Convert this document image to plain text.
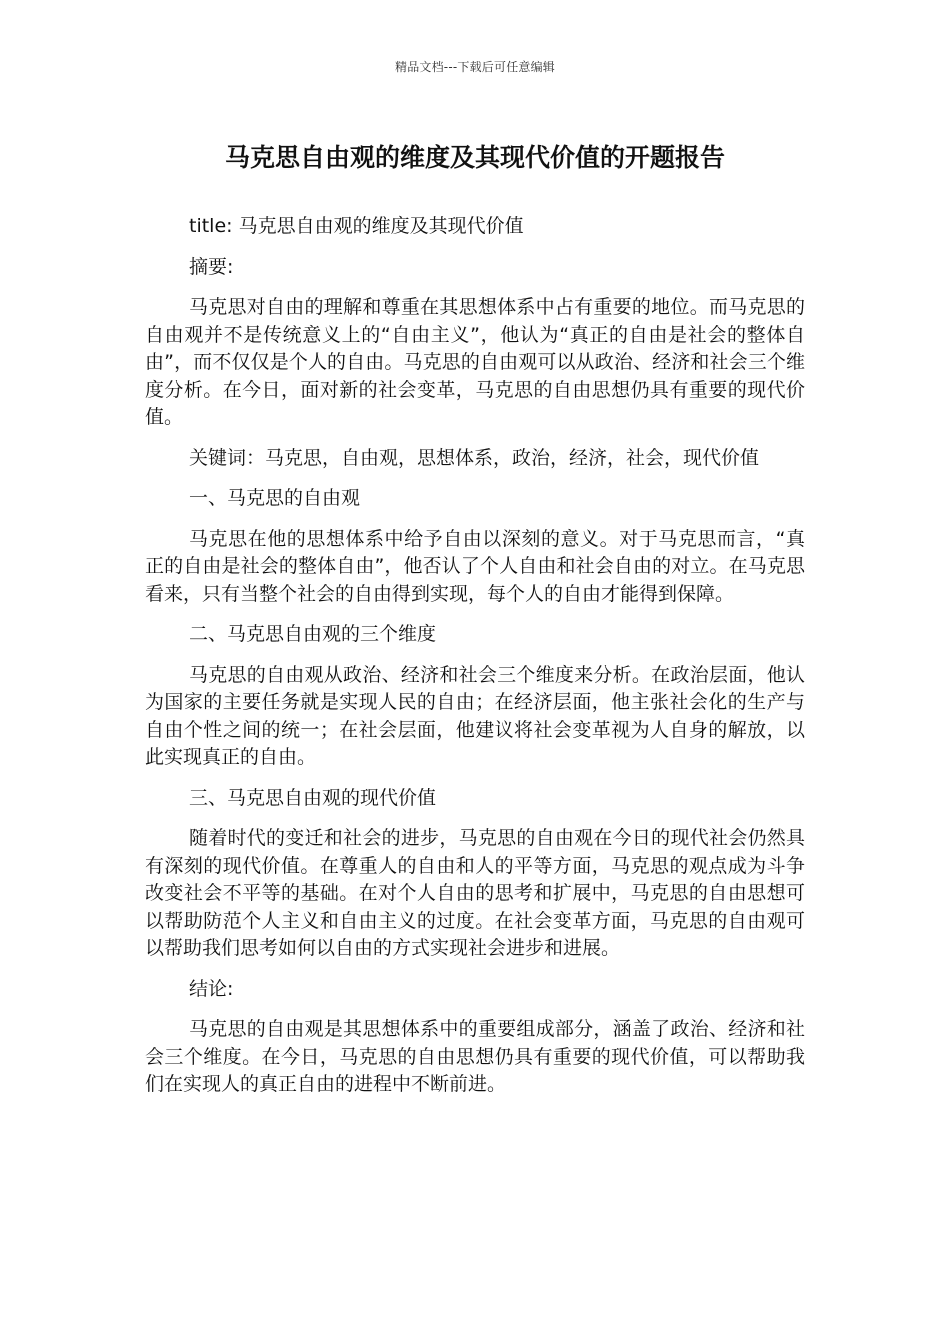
精品文档---下载后可任意编辑
马克思自由观的维度及其现代价值的开题报告

title: 马克思自由观的维度及其现代价值

摘要:

马克思对自由的理解和尊重在其思想体系中占有重要的地位。而马克思的自由观并不是传统意义上的“自由主义”，他认为“真正的自由是社会的整体自由”，而不仅仅是个人的自由。马克思的自由观可以从政治、经济和社会三个维度分析。在今日，面对新的社会变革，马克思的自由思想仍具有重要的现代价值。

关键词：马克思，自由观，思想体系，政治，经济，社会，现代价值

一、马克思的自由观

马克思在他的思想体系中给予自由以深刻的意义。对于马克思而言，“真正的自由是社会的整体自由”，他否认了个人自由和社会自由的对立。在马克思看来，只有当整个社会的自由得到实现，每个人的自由才能得到保障。

二、马克思自由观的三个维度

马克思的自由观从政治、经济和社会三个维度来分析。在政治层面，他认为国家的主要任务就是实现人民的自由；在经济层面，他主张社会化的生产与自由个性之间的统一；在社会层面，他建议将社会变革视为人自身的解放，以此实现真正的自由。

三、马克思自由观的现代价值

随着时代的变迁和社会的进步，马克思的自由观在今日的现代社会仍然具有深刻的现代价值。在尊重人的自由和人的平等方面，马克思的观点成为斗争改变社会不平等的基础。在对个人自由的思考和扩展中，马克思的自由思想可以帮助防范个人主义和自由主义的过度。在社会变革方面，马克思的自由观可以帮助我们思考如何以自由的方式实现社会进步和进展。

结论:

马克思的自由观是其思想体系中的重要组成部分，涵盖了政治、经济和社会三个维度。在今日，马克思的自由思想仍具有重要的现代价值，可以帮助我们在实现人的真正自由的进程中不断前进。
